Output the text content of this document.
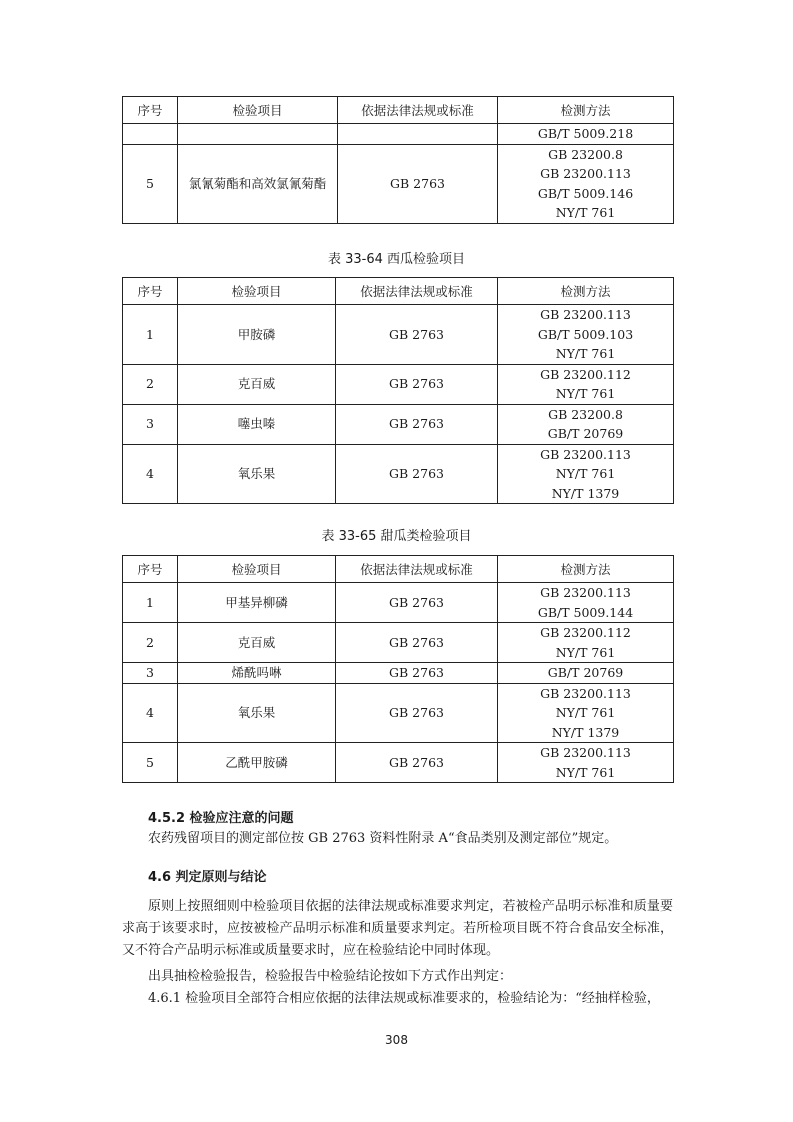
序号	检验项目	依据法律法规或标准	检测方法

			GB/T 5009.218

5	氯氰菊酯和高效氯氰菊酯	GB 2763	GB 23200.8
GB 23200.113
GB/T 5009.146
NY/T 761
表 33-64 西瓜检验项目
序号	检验项目	依据法律法规或标准	检测方法
1	甲胺磷	GB 2763	GB 23200.113
GB/T 5009.103
NY/T 761

2	克百威	GB 2763	GB 23200.112
NY/T 761

3	噻虫嗪	GB 2763	GB 23200.8
GB/T 20769

4	氧乐果	GB 2763	GB 23200.113
NY/T 761
NY/T 1379
表 33-65 甜瓜类检验项目
序号	检验项目	依据法律法规或标准	检测方法
1	甲基异柳磷	GB 2763	GB 23200.113
GB/T 5009.144

2	克百威	GB 2763	GB 23200.112
NY/T 761

3	烯酰吗啉	GB 2763	GB/T 20769

4	氧乐果	GB 2763	GB 23200.113
NY/T 761
NY/T 1379

5	乙酰甲胺磷	GB 2763	GB 23200.113
NY/T 761
4.5.2 检验应注意的问题
农药残留项目的测定部位按 GB 2763 资料性附录 A“食品类别及测定部位”规定。
4.6 判定原则与结论
原则上按照细则中检验项目依据的法律法规或标准要求判定，若被检产品明示标准和质量要求高于该要求时，应按被检产品明示标准和质量要求判定。若所检项目既不符合食品安全标准，又不符合产品明示标准或质量要求时，应在检验结论中同时体现。
出具抽检检验报告，检验报告中检验结论按如下方式作出判定：
4.6.1 检验项目全部符合相应依据的法律法规或标准要求的，检验结论为：“经抽样检验，
308
